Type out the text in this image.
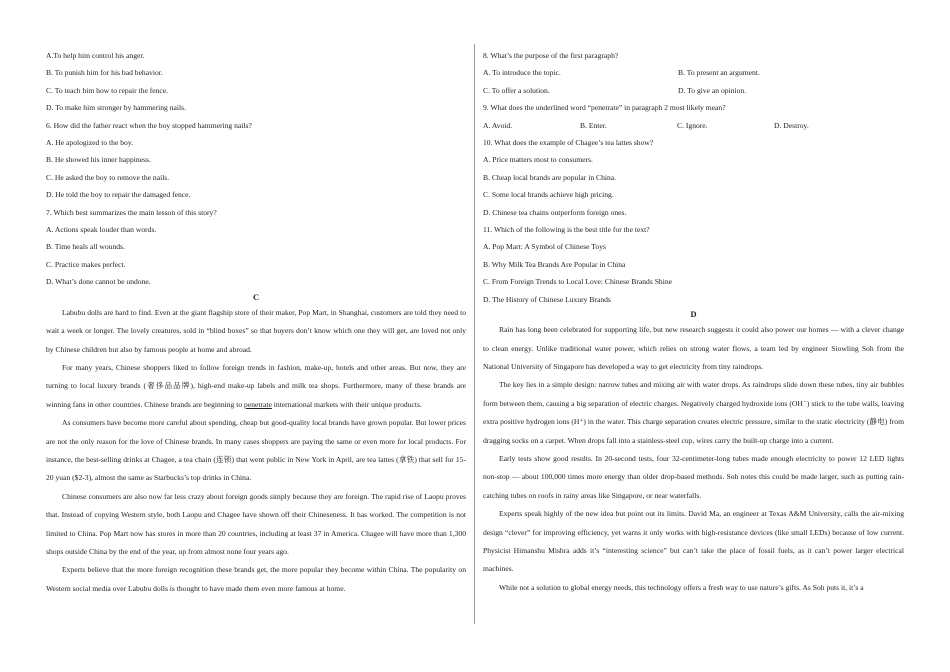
A.To help him control his anger.
B. To punish him for his bad behavior.
C. To teach him how to repair the fence.
D. To make him stronger by hammering nails.
6. How did the father react when the boy stopped hammering nails?
A. He apologized to the boy.
B. He showed his inner happiness.
C. He asked the boy to remove the nails.
D. He told the boy to repair the damaged fence.
7. Which best summarizes the main lesson of this story?
A. Actions speak louder than words.
B. Time heals all wounds.
C. Practice makes perfect.
D. What’s done cannot be undone.
C

Labubu dolls are hard to find. Even at the giant flagship store of their maker, Pop Mart, in Shanghai, customers are told they need to wait a week or longer. The lovely creatures, sold in “blind boxes” so that buyers don’t know which one they will get, are loved not only by Chinese children but also by famous people at home and abroad.

For many years, Chinese shoppers liked to follow foreign trends in fashion, make-up, hotels and other areas. But now, they are turning to local luxury brands (奢侈品品牌), high-end make-up labels and milk tea shops. Furthermore, many of these brands are winning fans in other countries. Chinese brands are beginning to penetrate international markets with their unique products.

As consumers have become more careful about spending, cheap but good-quality local brands have grown popular. But lower prices are not the only reason for the love of Chinese brands. In many cases shoppers are paying the same or even more for local products. For instance, the best-selling drinks at Chagee, a tea chain (连锁) that went public in New York in April, are tea lattes (拿铁) that sell for 15-20 yuan ($2-3), almost the same as Starbucks’s top drinks in China.

Chinese consumers are also now far less crazy about foreign goods simply because they are foreign. The rapid rise of Laopu proves that. Instead of copying Western style, both Laopu and Chagee have shown off their Chineseness. It has worked. The competition is not limited to China. Pop Mart now has stores in more than 20 countries, including at least 37 in America. Chagee will have more than 1,300 shops outside China by the end of the year, up from almost none four years ago.

Experts believe that the more foreign recognition these brands get, the more popular they become within China. The popularity on Western social media over Labubu dolls is thought to have made them even more famous at home.

8. What’s the purpose of the first paragraph?
A. To introduce the topic.	B. To present an argument.
C. To offer a solution.	D. To give an opinion.
9. What does the underlined word “penetrate” in paragraph 2 most likely mean?
A. Avoid.	B. Enter.	C. Ignore.	D. Destroy.
10. What does the example of Chagee’s tea lattes show?
A. Price matters most to consumers.
B. Cheap local brands are popular in China.
C. Some local brands achieve high pricing.
D. Chinese tea chains outperform foreign ones.
11. Which of the following is the best title for the text?
A. Pop Mart: A Symbol of Chinese Toys
B. Why Milk Tea Brands Are Popular in China
C. From Foreign Trends to Local Love: Chinese Brands Shine
D. The History of Chinese Luxury Brands
D

Rain has long been celebrated for supporting life, but new research suggests it could also power our homes — with a clever change to clean energy. Unlike traditional water power, which relies on strong water flows, a team led by engineer Siowling Soh from the National University of Singapore has developed a way to get electricity from tiny raindrops.

The key lies in a simple design: narrow tubes and mixing air with water drops. As raindrops slide down these tubes, tiny air bubbles form between them, causing a big separation of electric charges. Negatively charged hydroxide ions (OH⁻) stick to the tube walls, leaving extra positive hydrogen ions (H⁺) in the water. This charge separation creates electric pressure, similar to the static electricity (静电) from dragging socks on a carpet. When drops fall into a stainless-steel cup, wires carry the built-up charge into a current.

Early tests show good results. In 20-second tests, four 32-centimeter-long tubes made enough electricity to power 12 LED lights non-stop — about 100,000 times more energy than older drop-based methods. Soh notes this could be made larger, such as putting rain-catching tubes on roofs in rainy areas like Singapore, or near waterfalls.

Experts speak highly of the new idea but point out its limits. David Ma, an engineer at Texas A&M University, calls the air-mixing design “clever” for improving efficiency, yet warns it only works with high-resistance devices (like small LEDs) because of low current. Physicist Himanshu Mishra adds it’s “interesting science” but can’t take the place of fossil fuels, as it can’t power larger electrical machines.

While not a solution to global energy needs, this technology offers a fresh way to use nature’s gifts. As Soh puts it, it’s a
